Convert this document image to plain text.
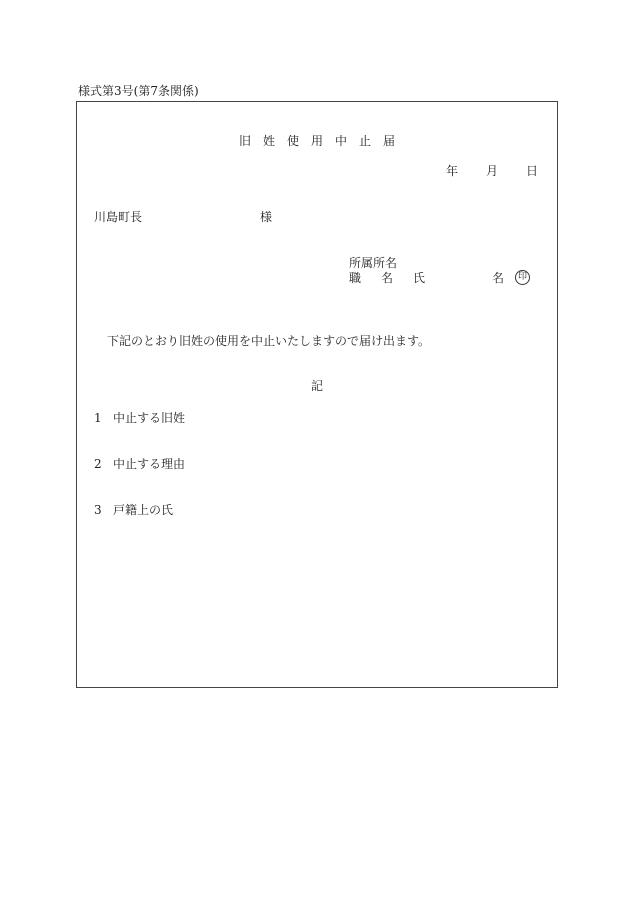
様式第3号(第7条関係)
旧姓使用中止届
年 月 日
川島町長	様
所属所名
職　名　氏	名	印
下記のとおり旧姓の使用を中止いたしますので届け出ます。
記
1 中止する旧姓
2 中止する理由
3 戸籍上の氏
